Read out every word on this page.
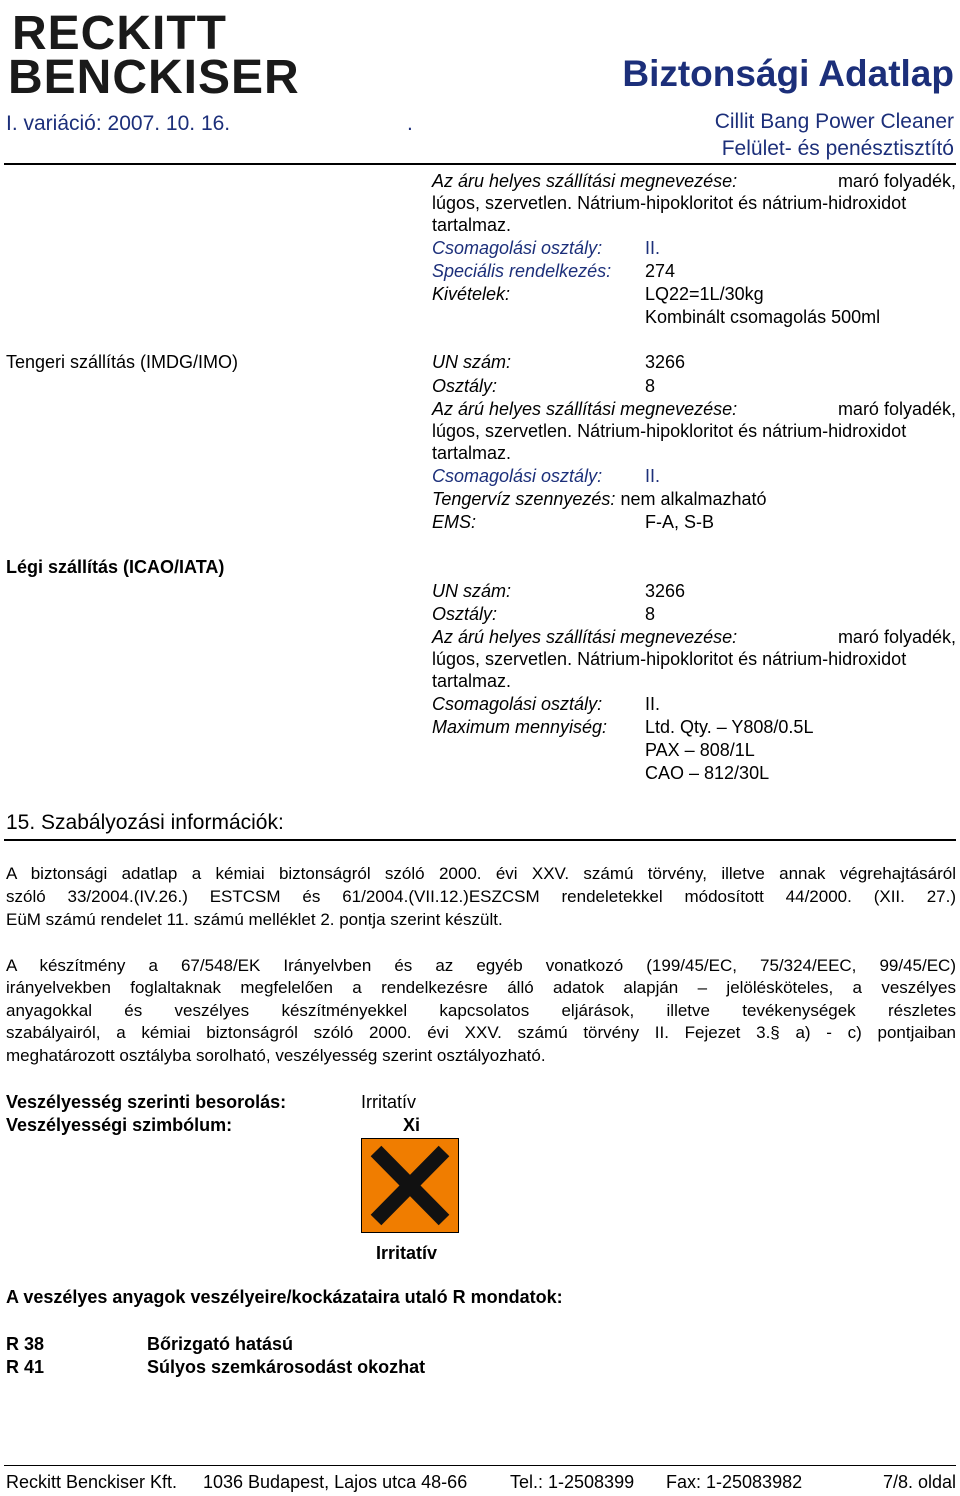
RECKITT
BENCKISER	Biztonsági Adatlap
I. variáció: 2007. 10. 16.	.	Cillit Bang Power Cleaner
Felület- és penésztisztító
Az áru helyes szállítási megnevezése:	maró folyadék,
lúgos, szervetlen. Nátrium-hipokloritot és nátrium-hidroxidot
tartalmaz.
Csomagolási osztály: II.
Speciális rendelkezés: 274
Kivételek:	LQ22=1L/30kg
Kombinált csomagolás 500ml
Tengeri szállítás (IMDG/IMO)	UN szám:	3266
Osztály:	8
Az árú helyes szállítási megnevezése:	maró folyadék,
lúgos, szervetlen. Nátrium-hipokloritot és nátrium-hidroxidot
tartalmaz.
Csomagolási osztály: II.
Tengervíz szennyezés: nem alkalmazható
EMS:	F-A, S-B
Légi szállítás (ICAO/IATA)
UN szám:	3266
Osztály:	8
Az árú helyes szállítási megnevezése:	maró folyadék,
lúgos, szervetlen. Nátrium-hipokloritot és nátrium-hidroxidot
tartalmaz.
Csomagolási osztály: II.
Maximum mennyiség: Ltd. Qty. – Y808/0.5L
PAX – 808/1L
CAO – 812/30L
15. Szabályozási információk:
A biztonsági adatlap a kémiai biztonságról szóló 2000. évi XXV. számú törvény, illetve annak végrehajtásáról
szóló 33/2004.(IV.26.) ESTCSM és 61/2004.(VII.12.)ESZCSM rendeletekkel módosított 44/2000. (XII. 27.)
EüM számú rendelet 11. számú melléklet 2. pontja szerint készült.
A készítmény a 67/548/EK Irányelvben és az egyéb vonatkozó (199/45/EC, 75/324/EEC, 99/45/EC)
irányelvekben foglaltaknak megfelelően a rendelkezésre álló adatok alapján – jelölésköteles, a veszélyes
anyagokkal és veszélyes készítményekkel kapcsolatos eljárások, illetve tevékenységek részletes
szabályairól, a kémiai biztonságról szóló 2000. évi XXV. számú törvény II. Fejezet 3.§ a) - c) pontjaiban
meghatározott osztályba sorolható, veszélyesség szerint osztályozható.
Veszélyesség szerinti besorolás:	Irritatív
Veszélyességi szimbólum:	Xi
Irritatív
A veszélyes anyagok veszélyeire/kockázataira utaló R mondatok:
R 38	Bőrizgató hatású
R 41	Súlyos szemkárosodást okozhat
Reckitt Benckiser Kft. 1036 Budapest, Lajos utca 48-66 Tel.: 1-2508399 Fax: 1-25083982	7/8. oldal
